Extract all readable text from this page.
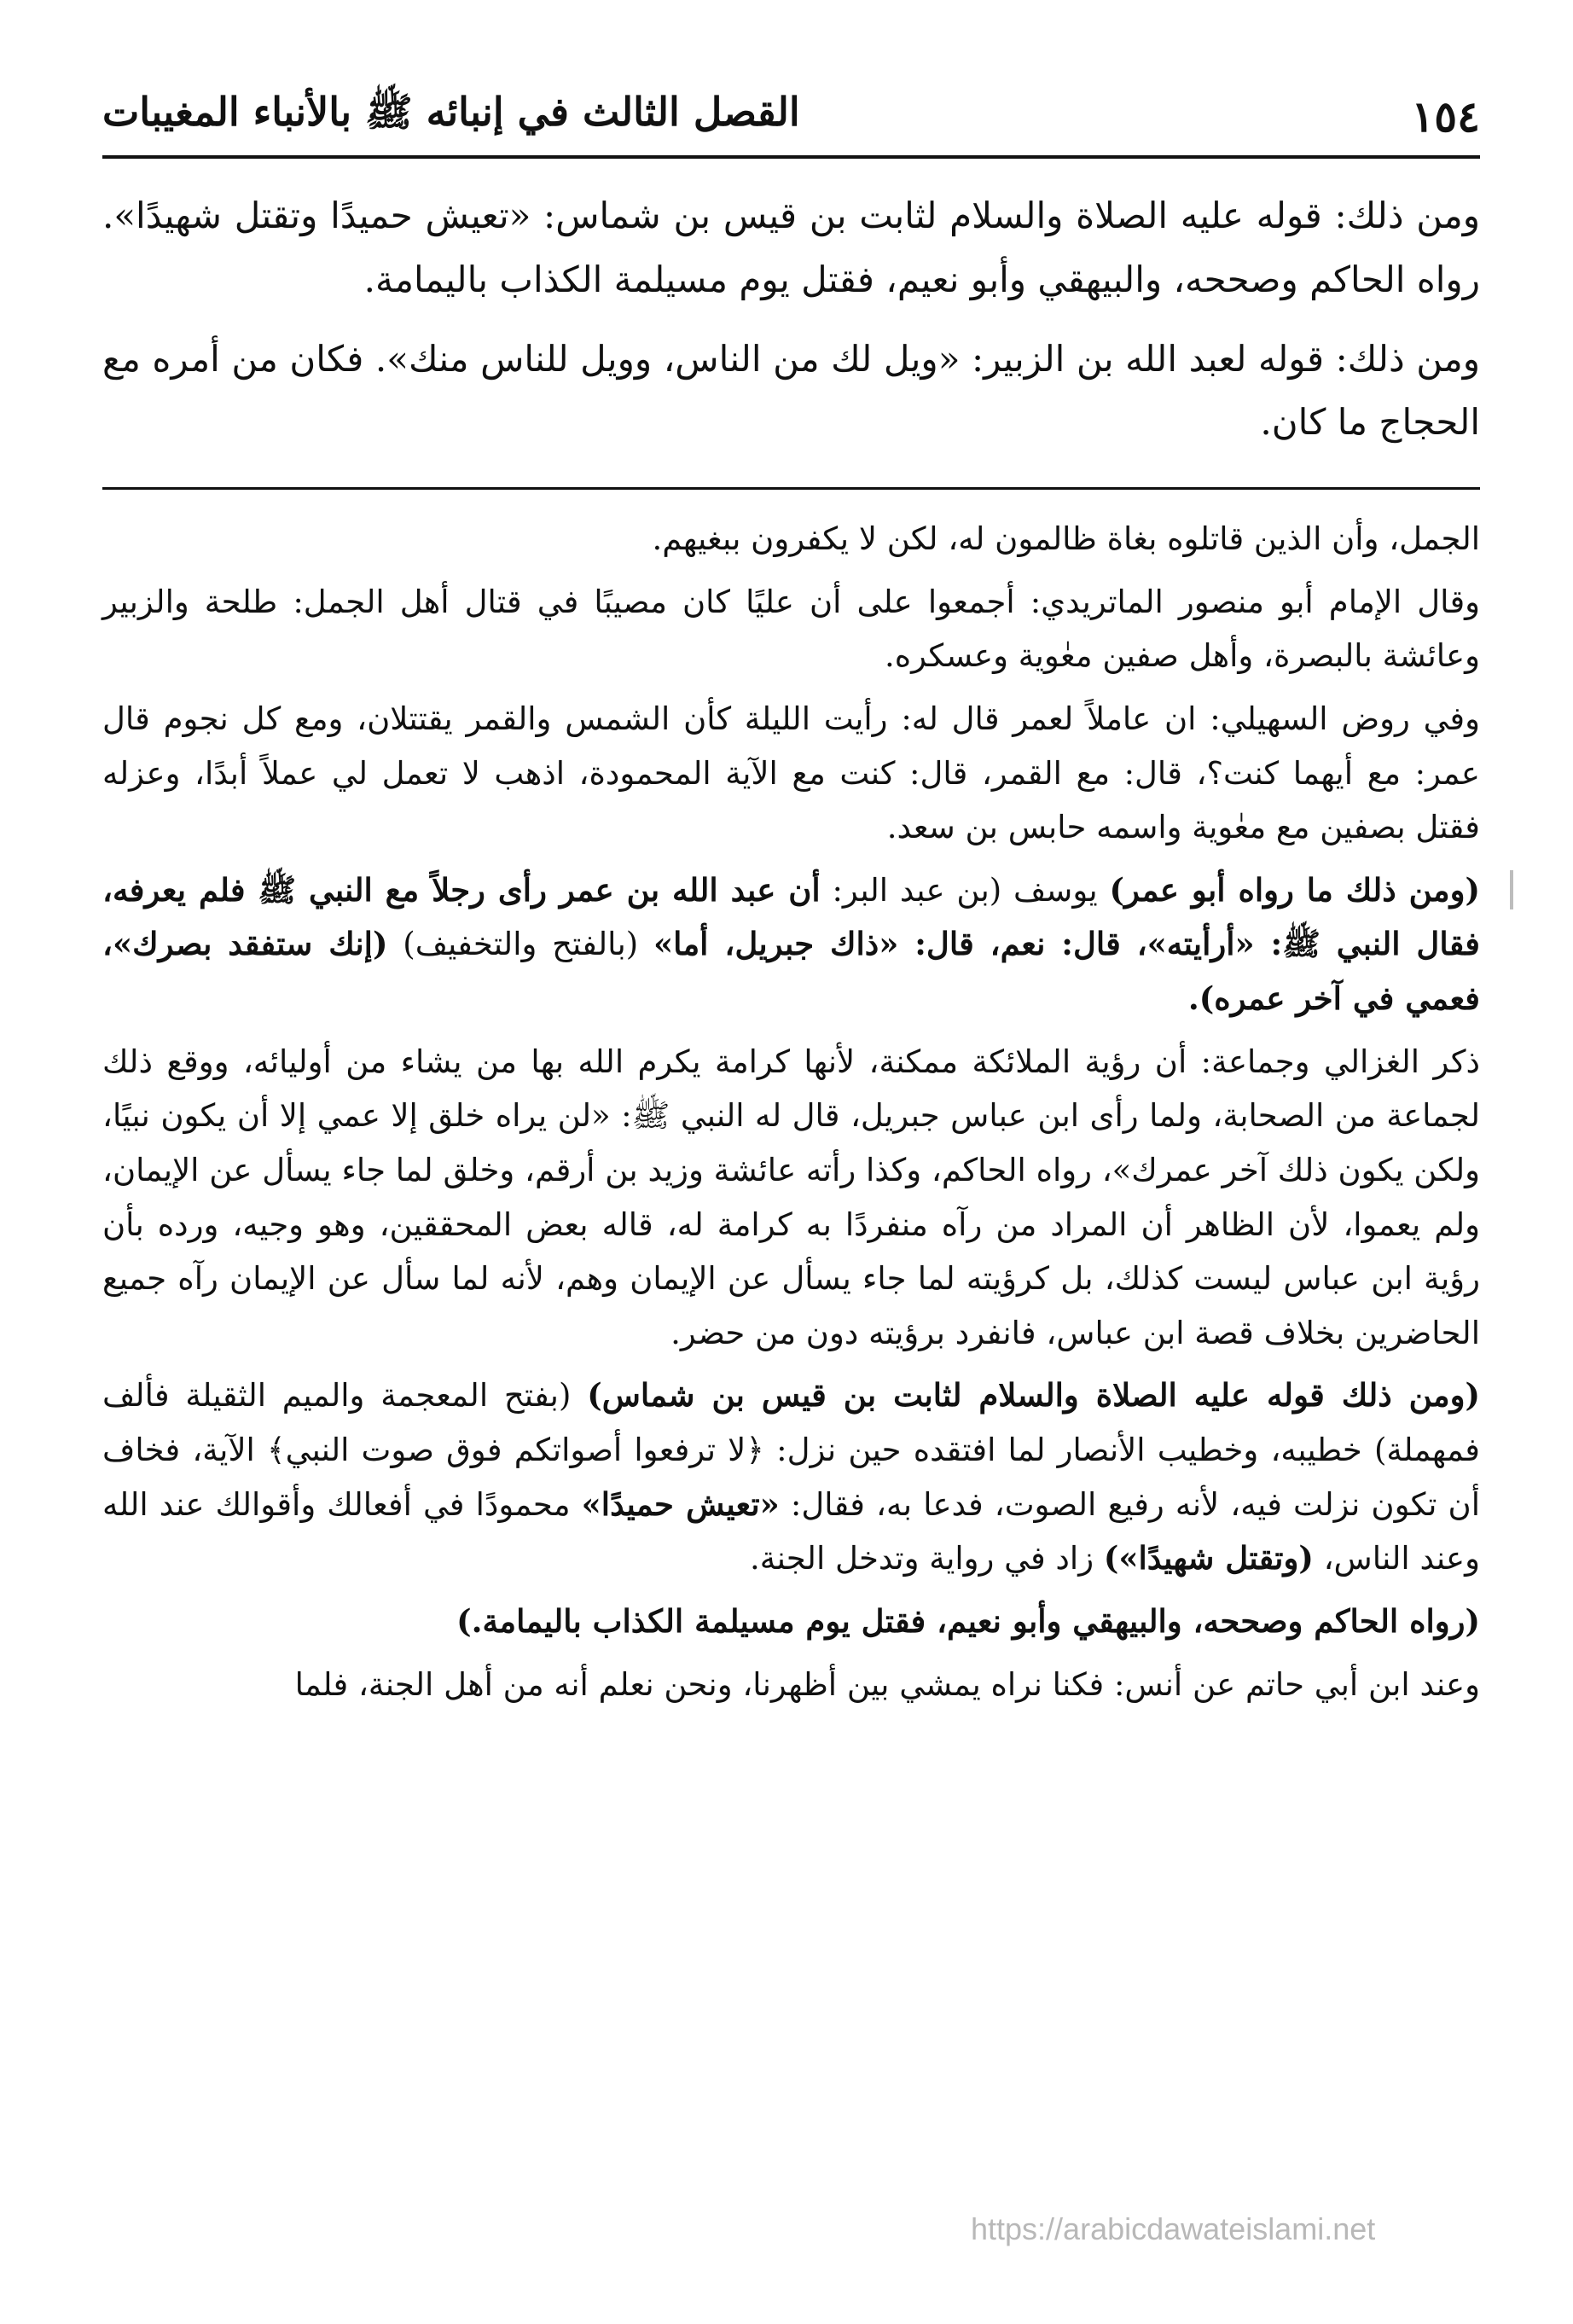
١٥٤
القصل الثالث في إنبائه ﷺ بالأنباء المغيبات

ومن ذلك: قوله عليه الصلاة والسلام لثابت بن قيس بن شماس: «تعيش حميدًا وتقتل شهيدًا». رواه الحاكم وصححه، والبيهقي وأبو نعيم، فقتل يوم مسيلمة الكذاب باليمامة.

ومن ذلك: قوله لعبد الله بن الزبير: «ويل لك من الناس، وويل للناس منك». فكان من أمره مع الحجاج ما كان.

الجمل، وأن الذين قاتلوه بغاة ظالمون له، لكن لا يكفرون ببغيهم.

وقال الإمام أبو منصور الماتريدي: أجمعوا على أن عليًا كان مصيبًا في قتال أهل الجمل: طلحة والزبير وعائشة بالبصرة، وأهل صفين معٰوية وعسكره.

وفي روض السهيلي: ان عاملاً لعمر قال له: رأيت الليلة كأن الشمس والقمر يقتتلان، ومع كل نجوم قال عمر: مع أيهما كنت؟، قال: مع القمر، قال: كنت مع الآية المحمودة، اذهب لا تعمل لي عملاً أبدًا، وعزله فقتل بصفين مع معٰوية واسمه حابس بن سعد.

(ومن ذلك ما رواه أبو عمر) يوسف (بن عبد البر: أن عبد الله بن عمر رأى رجلاً مع النبي ﷺ فلم يعرفه، فقال النبي ﷺ: «أرأيته»، قال: نعم، قال: «ذاك جبريل، أما» (بالفتح والتخفيف) (إنك ستفقد بصرك»، فعمي في آخر عمره).

ذكر الغزالي وجماعة: أن رؤية الملائكة ممكنة، لأنها كرامة يكرم الله بها من يشاء من أوليائه، ووقع ذلك لجماعة من الصحابة، ولما رأى ابن عباس جبريل، قال له النبي ﷺ: «لن يراه خلق إلا عمي إلا أن يكون نبيًا، ولكن يكون ذلك آخر عمرك»، رواه الحاكم، وكذا رأته عائشة وزيد بن أرقم، وخلق لما جاء يسأل عن الإيمان، ولم يعموا، لأن الظاهر أن المراد من رآه منفردًا به كرامة له، قاله بعض المحققين، وهو وجيه، ورده بأن رؤية ابن عباس ليست كذلك، بل كرؤيته لما جاء يسأل عن الإيمان وهم، لأنه لما سأل عن الإيمان رآه جميع الحاضرين بخلاف قصة ابن عباس، فانفرد برؤيته دون من حضر.

(ومن ذلك قوله عليه الصلاة والسلام لثابت بن قيس بن شماس) (بفتح المعجمة والميم الثقيلة فألف فمهملة) خطيبه، وخطيب الأنصار لما افتقده حين نزل: ﴿لا ترفعوا أصواتكم فوق صوت النبي﴾ الآية، فخاف أن تكون نزلت فيه، لأنه رفيع الصوت، فدعا به، فقال: «تعيش حميدًا» محمودًا في أفعالك وأقوالك عند الله وعند الناس، (وتقتل شهيدًا») زاد في رواية وتدخل الجنة.

(رواه الحاكم وصححه، والبيهقي وأبو نعيم، فقتل يوم مسيلمة الكذاب باليمامة.)

وعند ابن أبي حاتم عن أنس: فكنا نراه يمشي بين أظهرنا، ونحن نعلم أنه من أهل الجنة، فلما

https://arabicdawateislami.net
